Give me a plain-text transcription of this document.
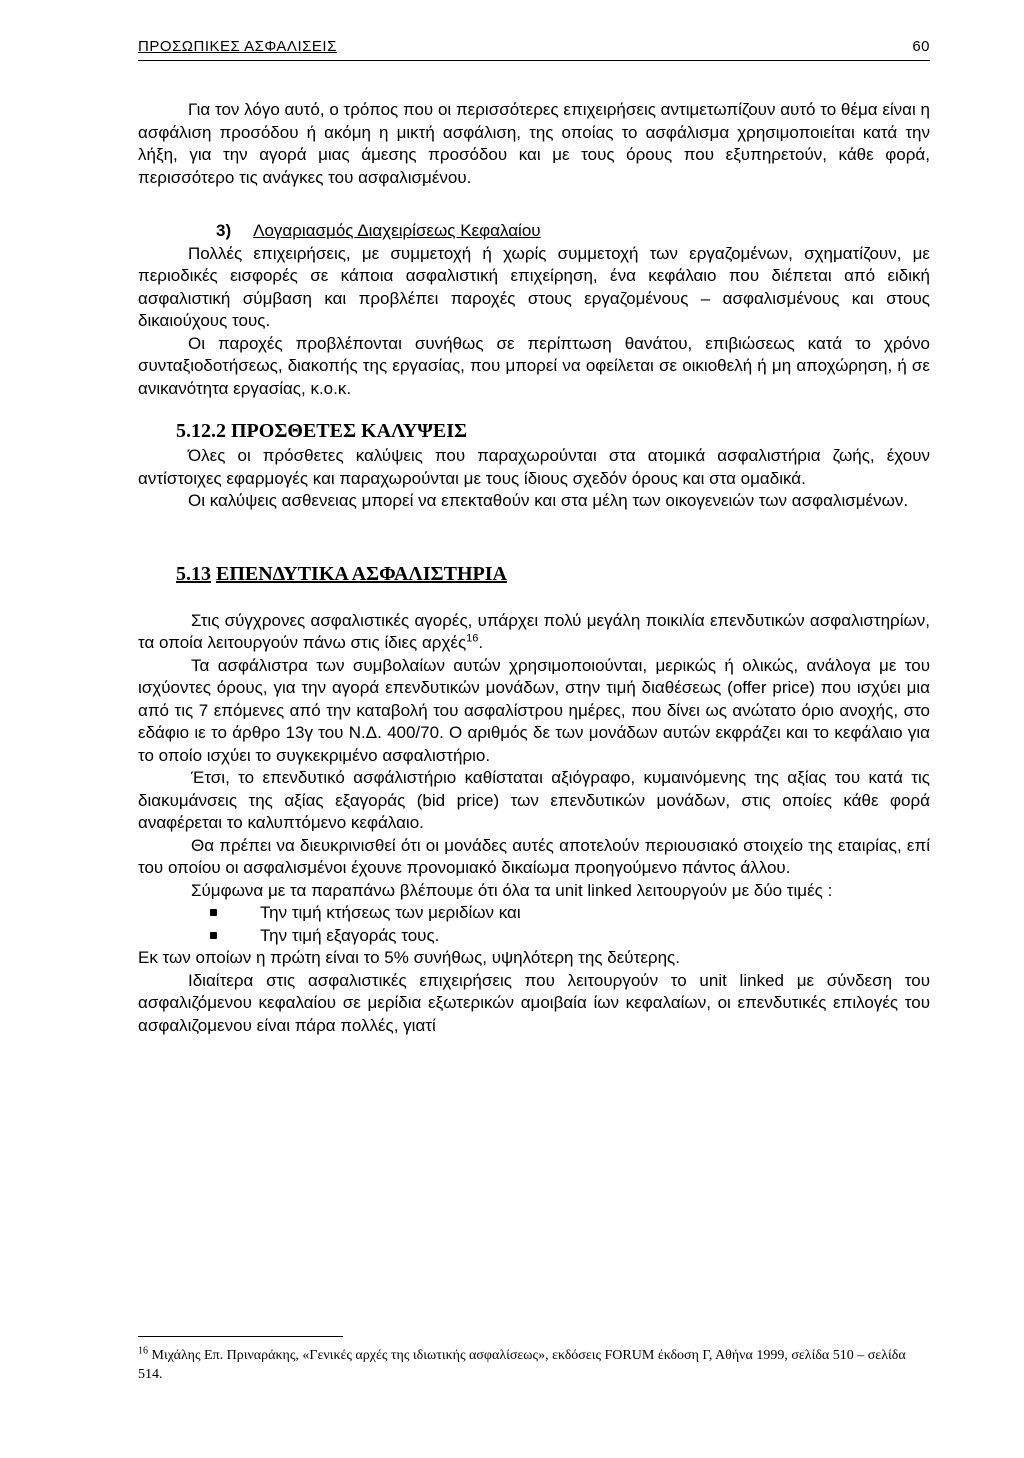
ΠΡΟΣΩΠΙΚΕΣ ΑΣΦΑΛΙΣΕΙΣ	60

Για τον λόγο αυτό, ο τρόπος που οι περισσότερες επιχειρήσεις αντιμετωπίζουν αυτό το θέμα είναι η ασφάλιση προσόδου ή ακόμη η μικτή ασφάλιση, της οποίας το ασφάλισμα χρησιμοποιείται κατά την λήξη, για την αγορά μιας άμεσης προσόδου και με τους όρους που εξυπηρετούν, κάθε φορά, περισσότερο τις ανάγκες του ασφαλισμένου.

3) Λογαριασμός Διαχειρίσεως Κεφαλαίου

Πολλές επιχειρήσεις, με συμμετοχή ή χωρίς συμμετοχή των εργαζομένων, σχηματίζουν, με περιοδικές εισφορές σε κάποια ασφαλιστική επιχείρηση, ένα κεφάλαιο που διέπεται από ειδική ασφαλιστική σύμβαση και προβλέπει παροχές στους εργαζομένους – ασφαλισμένους και στους δικαιούχους τους.

Οι παροχές προβλέπονται συνήθως σε περίπτωση θανάτου, επιβιώσεως κατά το χρόνο συνταξιοδοτήσεως, διακοπής της εργασίας, που μπορεί να οφείλεται σε οικιοθελή ή μη αποχώρηση, ή σε ανικανότητα εργασίας, κ.ο.κ.

5.12.2 ΠΡΟΣΘΕΤΕΣ ΚΑΛΥΨΕΙΣ

Όλες οι πρόσθετες καλύψεις που παραχωρούνται στα ατομικά ασφαλιστήρια ζωής, έχουν αντίστοιχες εφαρμογές και παραχωρούνται με τους ίδιους σχεδόν όρους και στα ομαδικά.

Οι καλύψεις ασθενειας μπορεί να επεκταθούν και στα μέλη των οικογενειών των ασφαλισμένων.

5.13 ΕΠΕΝΔΥΤΙΚΑ ΑΣΦΑΛΙΣΤΗΡΙΑ

Στις σύγχρονες ασφαλιστικές αγορές, υπάρχει πολύ μεγάλη ποικιλία επενδυτικών ασφαλιστηρίων, τα οποία λειτουργούν πάνω στις ίδιες αρχές$^{16}$.

Τα ασφάλιστρα των συμβολαίων αυτών χρησιμοποιούνται, μερικώς ή ολικώς, ανάλογα με του ισχύοντες όρους, για την αγορά επενδυτικών μονάδων, στην τιμή διαθέσεως (offer price) που ισχύει μια από τις 7 επόμενες από την καταβολή του ασφαλίστρου ημέρες, που δίνει ως ανώτατο όριο ανοχής, στο εδάφιο ιε το άρθρο 13γ του Ν.Δ. 400/70. Ο αριθμός δε των μονάδων αυτών εκφράζει και το κεφάλαιο για το οποίο ισχύει το συγκεκριμένο ασφαλιστήριο.

Έτσι, το επενδυτικό ασφάλιστήριο καθίσταται αξιόγραφο, κυμαινόμενης της αξίας του κατά τις διακυμάνσεις της αξίας εξαγοράς (bid price) των επενδυτικών μονάδων, στις οποίες κάθε φορά αναφέρεται το καλυπτόμενο κεφάλαιο.

Θα πρέπει να διευκρινισθεί ότι οι μονάδες αυτές αποτελούν περιουσιακό στοιχείο της εταιρίας, επί του οποίου οι ασφαλισμένοι έχουνε προνομιακό δικαίωμα προηγούμενο πάντος άλλου.

Σύμφωνα με τα παραπάνω βλέπουμε ότι όλα τα unit linked λειτουργούν με δύο τιμές :

Την τιμή κτήσεως των μεριδίων και
Την τιμή εξαγοράς τους.

Εκ των οποίων η πρώτη είναι το 5% συνήθως, υψηλότερη της δεύτερης.

Ιδιαίτερα στις ασφαλιστικές επιχειρήσεις που λειτουργούν το unit linked με σύνδεση του ασφαλιζόμενου κεφαλαίου σε μερίδια εξωτερικών αμοιβαία ίων κεφαλαίων, οι επενδυτικές επιλογές του ασφαλιζομενου είναι πάρα πολλές, γιατί

$^{16}$ Μιχάλης Επ. Πριναράκης, «Γενικές αρχές της ιδιωτικής ασφαλίσεως», εκδόσεις FORUM έκδοση Γ, Αθήνα 1999, σελίδα 510 – σελίδα 514.
